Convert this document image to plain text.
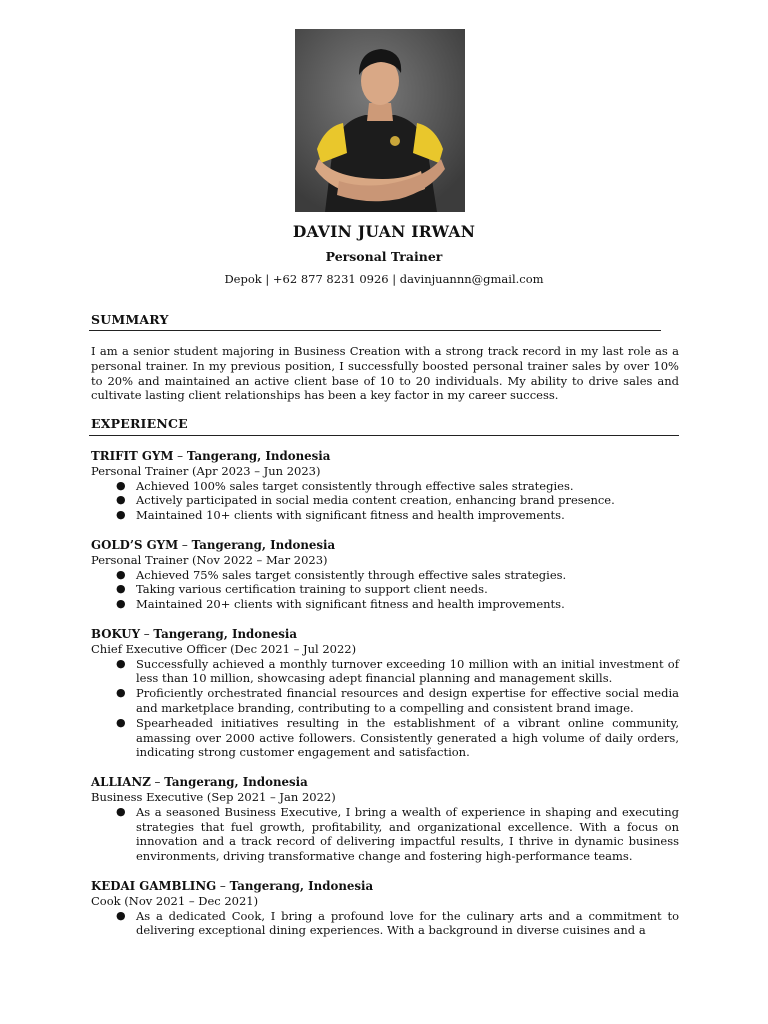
DAVIN JUAN IRWAN
Personal Trainer
Depok | +62 877 8231 0926 | davinjuannn@gmail.com
SUMMARY

I am a senior student majoring in Business Creation with a strong track record in my last role as a personal trainer. In my previous position, I successfully boosted personal trainer sales by over 10% to 20% and maintained an active client base of 10 to 20 individuals. My ability to drive sales and cultivate lasting client relationships has been a key factor in my career success.

EXPERIENCE
TRIFIT GYM – Tangerang, Indonesia
Personal Trainer (Apr 2023 – Jun 2023)
● Achieved 100% sales target consistently through effective sales strategies.
● Actively participated in social media content creation, enhancing brand presence.
● Maintained 10+ clients with significant fitness and health improvements.
GOLD’S GYM – Tangerang, Indonesia
Personal Trainer (Nov 2022 – Mar 2023)
● Achieved 75% sales target consistently through effective sales strategies.
● Taking various certification training to support client needs.
● Maintained 20+ clients with significant fitness and health improvements.
BOKUY – Tangerang, Indonesia
Chief Executive Officer (Dec 2021 – Jul 2022)
● Successfully achieved a monthly turnover exceeding 10 million with an initial investment of less than 10 million, showcasing adept financial planning and management skills.
● Proficiently orchestrated financial resources and design expertise for effective social media and marketplace branding, contributing to a compelling and consistent brand image.
● Spearheaded initiatives resulting in the establishment of a vibrant online community, amassing over 2000 active followers. Consistently generated a high volume of daily orders, indicating strong customer engagement and satisfaction.
ALLIANZ – Tangerang, Indonesia
Business Executive (Sep 2021 – Jan 2022)
● As a seasoned Business Executive, I bring a wealth of experience in shaping and executing strategies that fuel growth, profitability, and organizational excellence. With a focus on innovation and a track record of delivering impactful results, I thrive in dynamic business environments, driving transformative change and fostering high-performance teams.
KEDAI GAMBLING – Tangerang, Indonesia
Cook (Nov 2021 – Dec 2021)
● As a dedicated Cook, I bring a profound love for the culinary arts and a commitment to delivering exceptional dining experiences. With a background in diverse cuisines and a
